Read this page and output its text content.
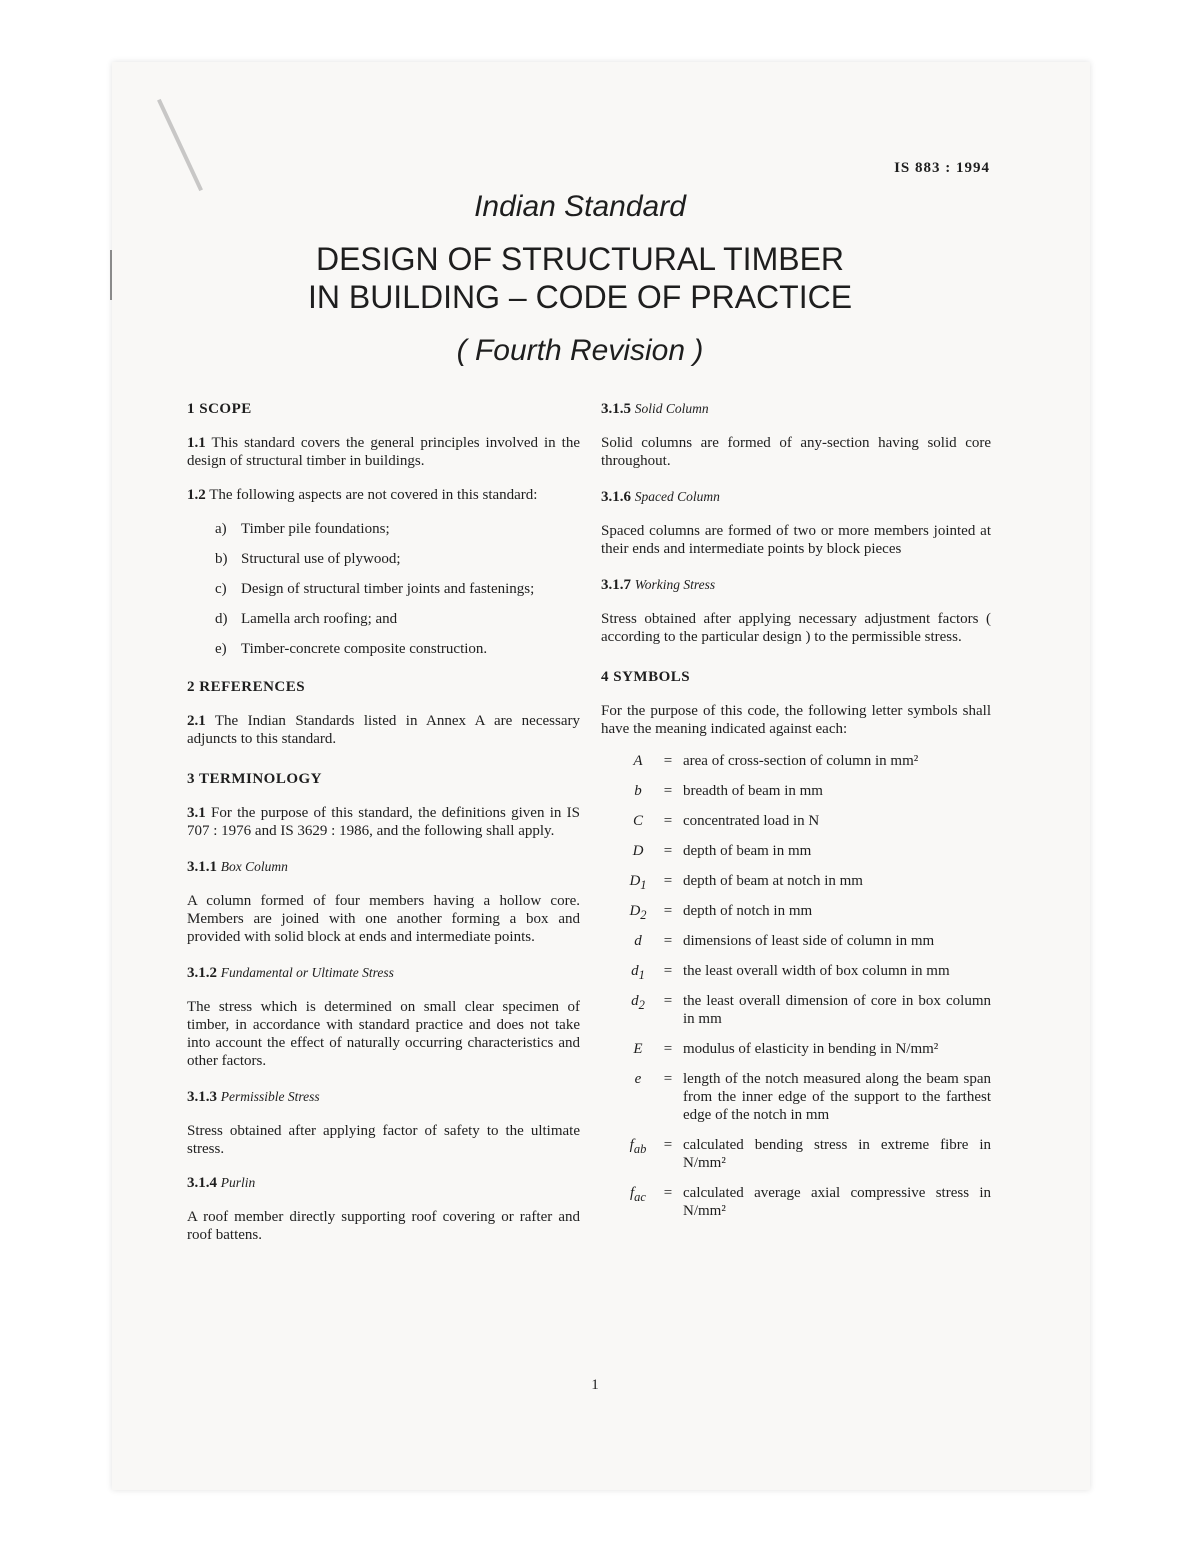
IS 883 : 1994

Indian Standard

DESIGN OF STRUCTURAL TIMBER
IN BUILDING – CODE OF PRACTICE

( Fourth Revision )

1 SCOPE

1.1 This standard covers the general principles involved in the design of structural timber in buildings.

1.2 The following aspects are not covered in this standard:

a) Timber pile foundations;
b) Structural use of plywood;
c) Design of structural timber joints and fastenings;
d) Lamella arch roofing; and
e) Timber-concrete composite construction.

2 REFERENCES

2.1 The Indian Standards listed in Annex A are necessary adjuncts to this standard.

3 TERMINOLOGY

3.1 For the purpose of this standard, the definitions given in IS 707 : 1976 and IS 3629 : 1986, and the following shall apply.

3.1.1 Box Column

A column formed of four members having a hollow core. Members are joined with one another forming a box and provided with solid block at ends and intermediate points.

3.1.2 Fundamental or Ultimate Stress

The stress which is determined on small clear specimen of timber, in accordance with standard practice and does not take into account the effect of naturally occurring characteristics and other factors.

3.1.3 Permissible Stress

Stress obtained after applying factor of safety to the ultimate stress.

3.1.4 Purlin

A roof member directly supporting roof covering or rafter and roof battens.

3.1.5 Solid Column

Solid columns are formed of any-section having solid core throughout.

3.1.6 Spaced Column

Spaced columns are formed of two or more members jointed at their ends and intermediate points by block pieces

3.1.7 Working Stress

Stress obtained after applying necessary adjustment factors ( according to the particular design ) to the permissible stress.

4 SYMBOLS

For the purpose of this code, the following letter symbols shall have the meaning indicated against each:

A	= area of cross-section of column in mm²
b	= breadth of beam in mm
C	= concentrated load in N
D	= depth of beam in mm
$D_1$	= depth of beam at notch in mm
$D_2$	= depth of notch in mm
d	= dimensions of least side of column in mm
$d_1$	= the least overall width of box column in mm
$d_2$	= the least overall dimension of core in box column in mm
E	= modulus of elasticity in bending in N/mm²
e	= length of the notch measured along the beam span from the inner edge of the support to the farthest edge of the notch in mm
$f_{ab}$	= calculated bending stress in extreme fibre in N/mm²
$f_{ac}$	= calculated average axial compressive stress in N/mm²
1
